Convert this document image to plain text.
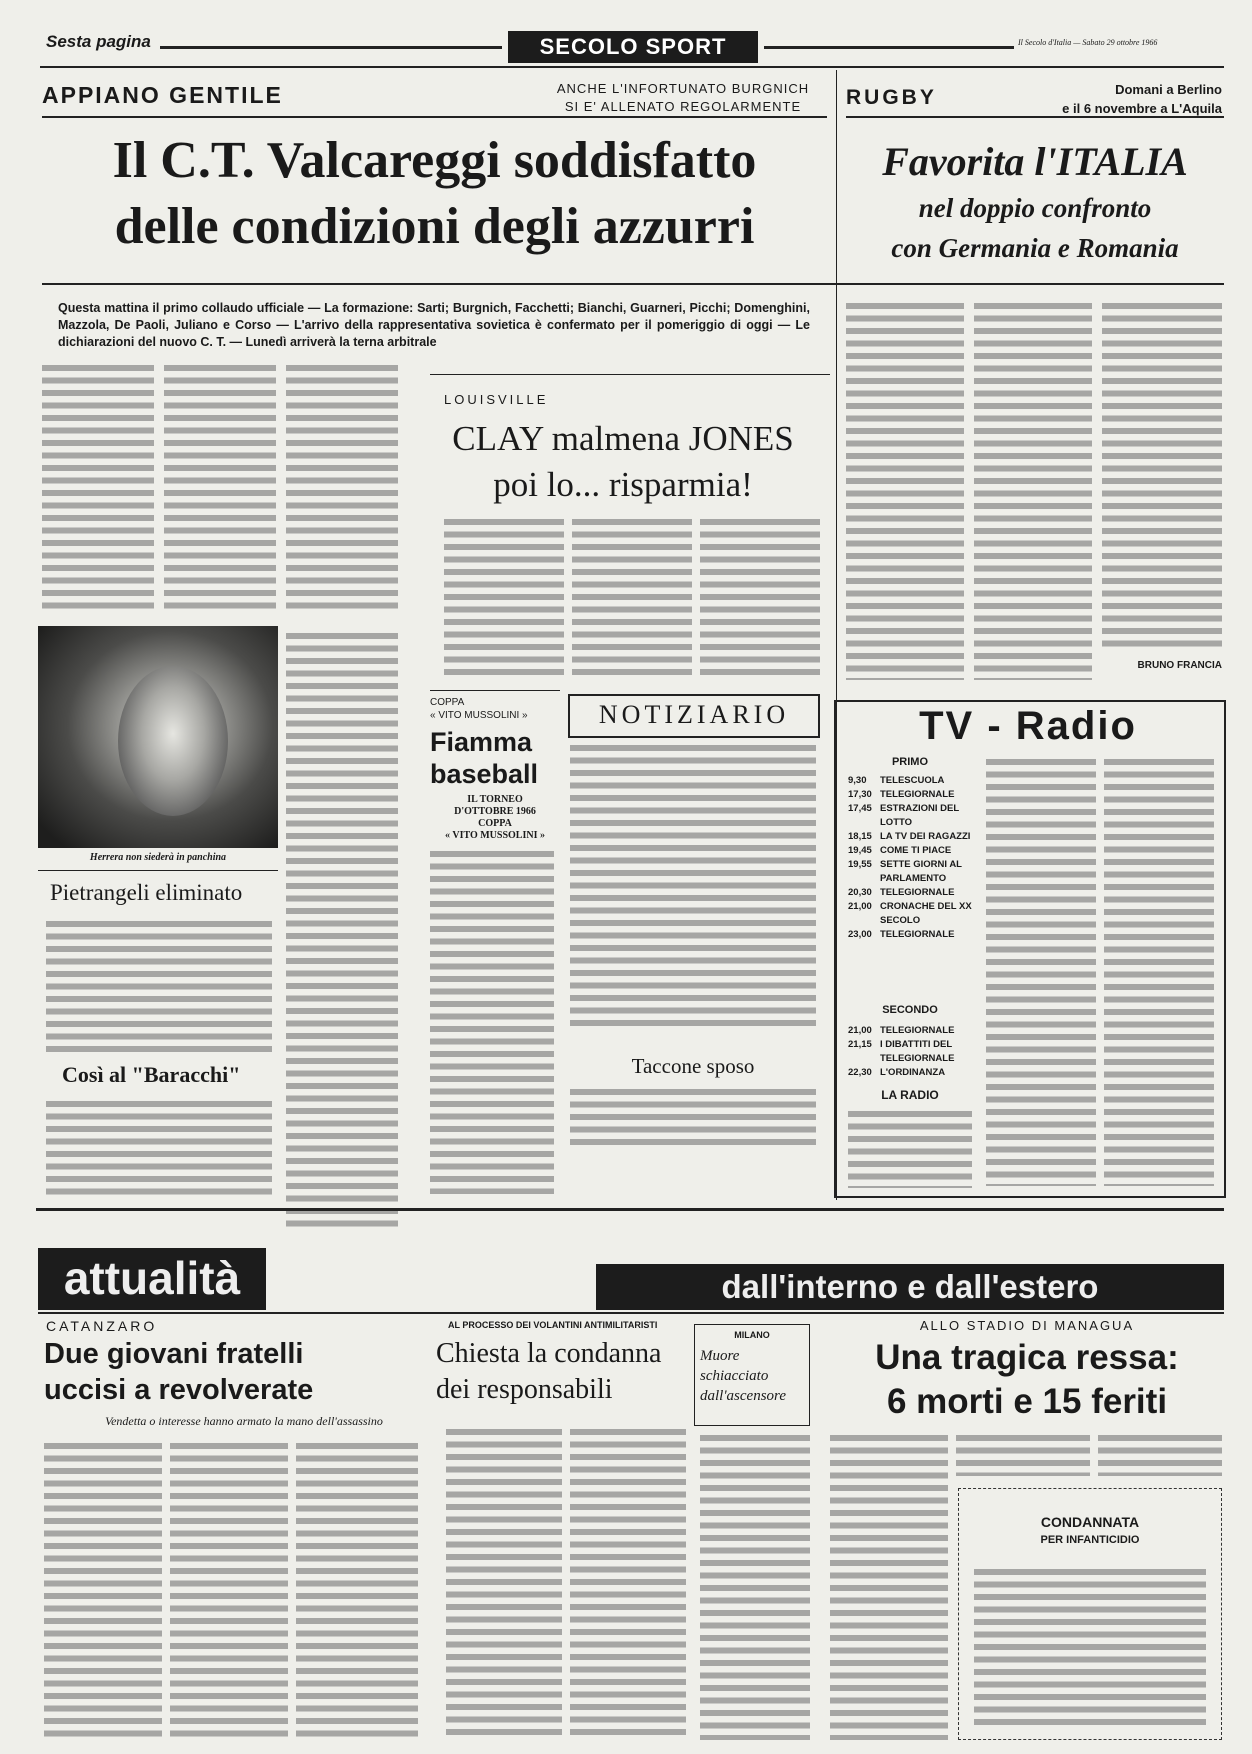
Sesta pagina	SECOLO SPORT	Il Secolo d'Italia — Sabato 29 ottobre 1966
APPIANO GENTILE	ANCHE L'INFORTUNATO BURGNICH
SI E' ALLENATO REGOLARMENTE
Il C.T. Valcareggi soddisfatto
delle condizioni degli azzurri
Questa mattina il primo collaudo ufficiale — La formazione: Sarti; Burgnich, Facchetti; Bianchi, Guarneri, Picchi; Domenghini, Mazzola, De Paoli, Juliano e Corso — L'arrivo della rappresentativa sovietica è confermato per il pomeriggio di oggi — Le dichiarazioni del nuovo C. T. — Lunedì arriverà la terna arbitrale
Herrera non siederà in panchina
Pietrangeli eliminato
Così al "Baracchi"
LOUISVILLE
CLAY malmena JONES
poi lo... risparmia!
COPPA
« VITO MUSSOLINI »
Fiamma
baseball
IL TORNEO
D'OTTOBRE 1966
COPPA
« VITO MUSSOLINI »
NOTIZIARIO
Taccone sposo
RUGBY	Domani a Berlino
e il 6 novembre a L'Aquila
Favorita l'ITALIA
nel doppio confronto
con Germania e Romania
BRUNO FRANCIA
TV - Radio
PRIMO
9,30	TELESCUOLA
17,30 TELEGIORNALE
17,45 ESTRAZIONI DEL LOTTO
18,15 LA TV DEI RAGAZZI
19,45 COME TI PIACE
19,55 SETTE GIORNI AL PARLAMENTO
20,30 TELEGIORNALE
21,00 CRONACHE DEL XX SECOLO
23,00 TELEGIORNALE
SECONDO
21,00 TELEGIORNALE
21,15 I DIBATTITI DEL TELEGIORNALE
22,30 L'ORDINANZA
LA RADIO
attualità	dall'interno e dall'estero
CATANZARO
Due giovani fratelli
uccisi a revolverate
Vendetta o interesse hanno armato la mano dell'assassino
AL PROCESSO DEI VOLANTINI ANTIMILITARISTI
Chiesta la condanna
dei responsabili
MILANO
Muore
schiacciato
dall'ascensore
ALLO STADIO DI MANAGUA
Una tragica ressa:
6 morti e 15 feriti
CONDANNATA
PER INFANTICIDIO
